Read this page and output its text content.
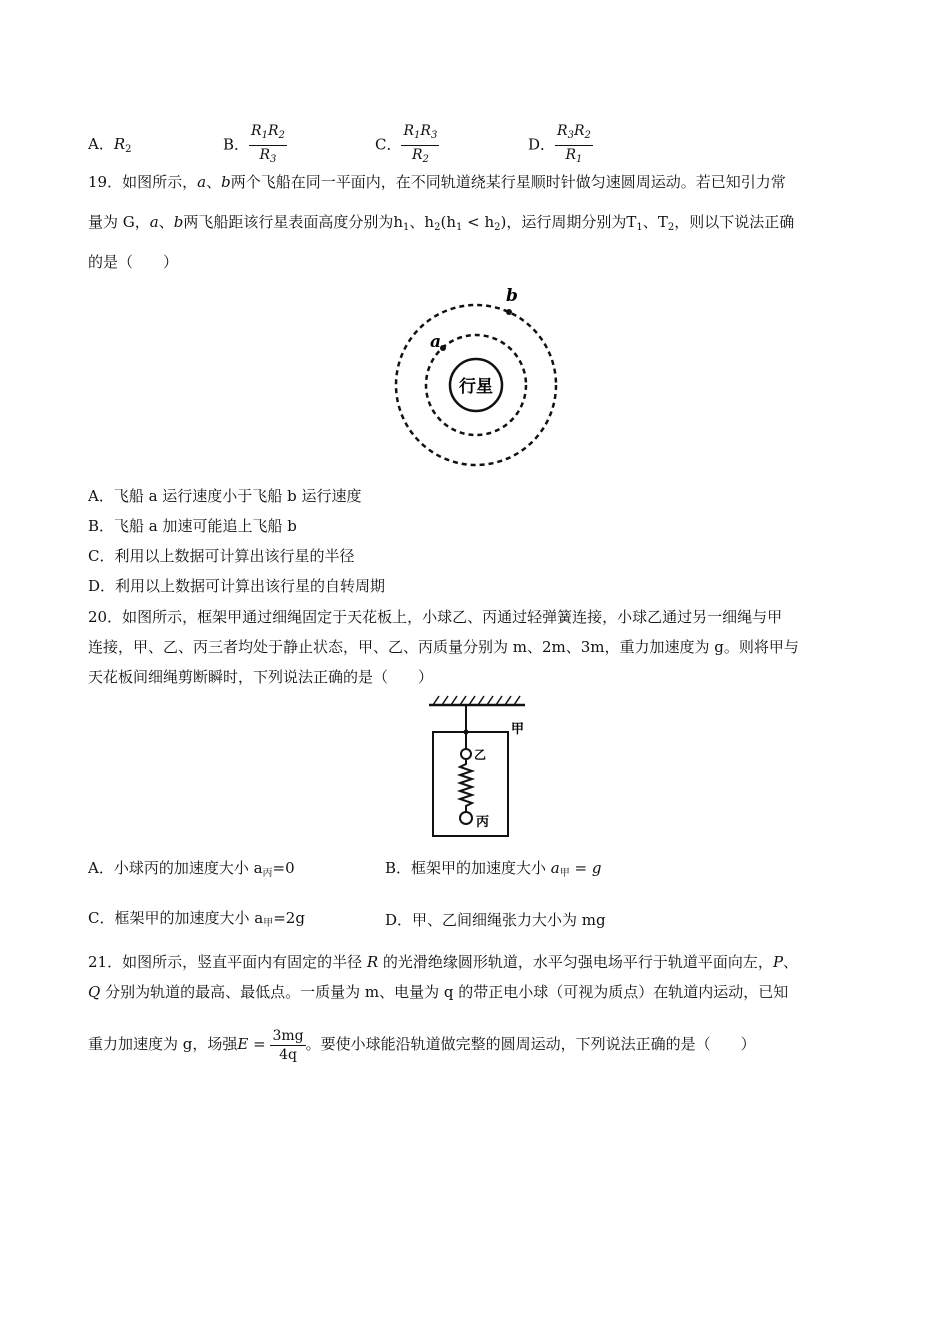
A．$R_2$	B． $\frac{R_1R_2}{R_3}$	C． $\frac{R_1R_3}{R_2}$	D． $\frac{R_3R_2}{R_1}$
19．如图所示，a、b两个飞船在同一平面内，在不同轨道绕某行星顺时针做匀速圆周运动。若已知引力常
量为 G，a、b两飞船距该行星表面高度分别为$h_1$、$h_2(h_1 < h_2)$，运行周期分别为$T_1$、$T_2$，则以下说法正确
的是（　　）
行星
a
b
A．飞船 a 运行速度小于飞船 b 运行速度
B．飞船 a 加速可能追上飞船 b
C．利用以上数据可计算出该行星的半径
D．利用以上数据可计算出该行星的自转周期
20．如图所示，框架甲通过细绳固定于天花板上，小球乙、丙通过轻弹簧连接，小球乙通过另一细绳与甲
连接，甲、乙、丙三者均处于静止状态，甲、乙、丙质量分别为 m、2m、3m，重力加速度为 g。则将甲与
天花板间细绳剪断瞬时，下列说法正确的是（　　）
甲
乙
丙
A．小球丙的加速度大小 $a_丙=0$	B．框架甲的加速度大小 $a_甲 = g$
C．框架甲的加速度大小 $a_甲=2g$	D．甲、乙间细绳张力大小为 mg
21．如图所示，竖直平面内有固定的半径 R 的光滑绝缘圆形轨道，水平匀强电场平行于轨道平面向左，P、
Q 分别为轨道的最高、最低点。一质量为 m、电量为 q 的带正电小球（可视为质点）在轨道内运动，已知
重力加速度为 g，场强$E = \frac{3mg}{4q}$ 。要使小球能沿轨道做完整的圆周运动，下列说法正确的是（　　）
